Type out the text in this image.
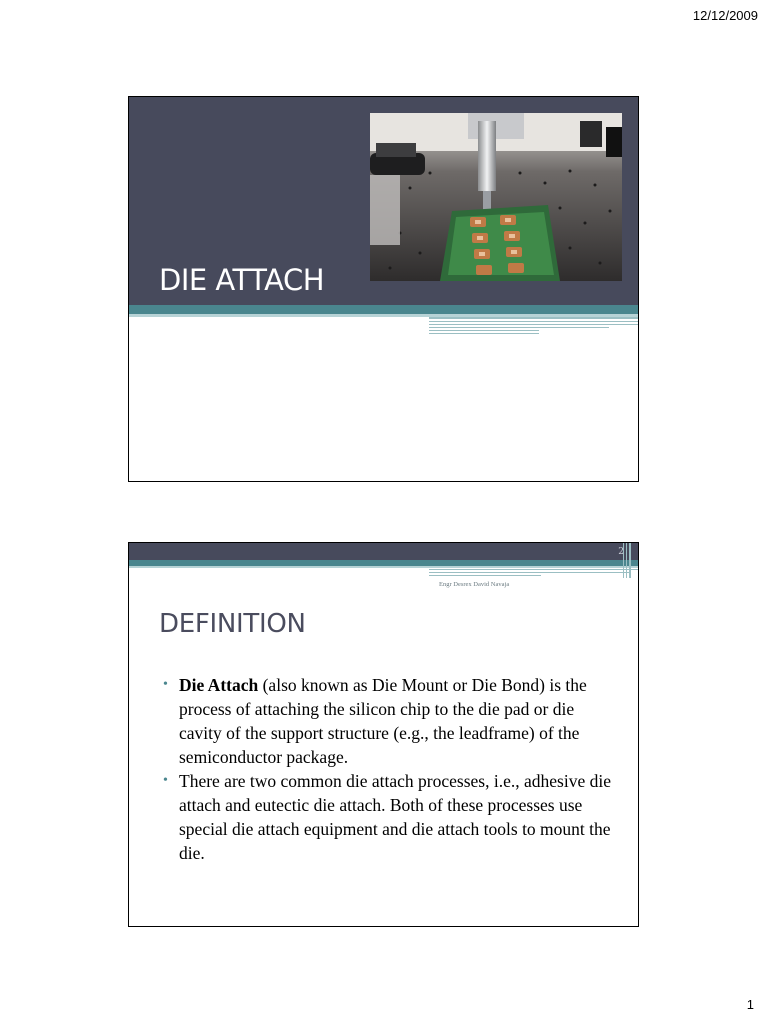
12/12/2009
DIE ATTACH
2
Engr Desrex David Navaja
DEFINITION

• Die Attach (also known as Die Mount or Die Bond) is the process of attaching the silicon chip to the die pad or die cavity of the support structure (e.g., the leadframe) of the semiconductor package.

• There are two common die attach processes, i.e., adhesive die attach and eutectic die attach. Both of these processes use special die attach equipment and die attach tools to mount the die.

1
